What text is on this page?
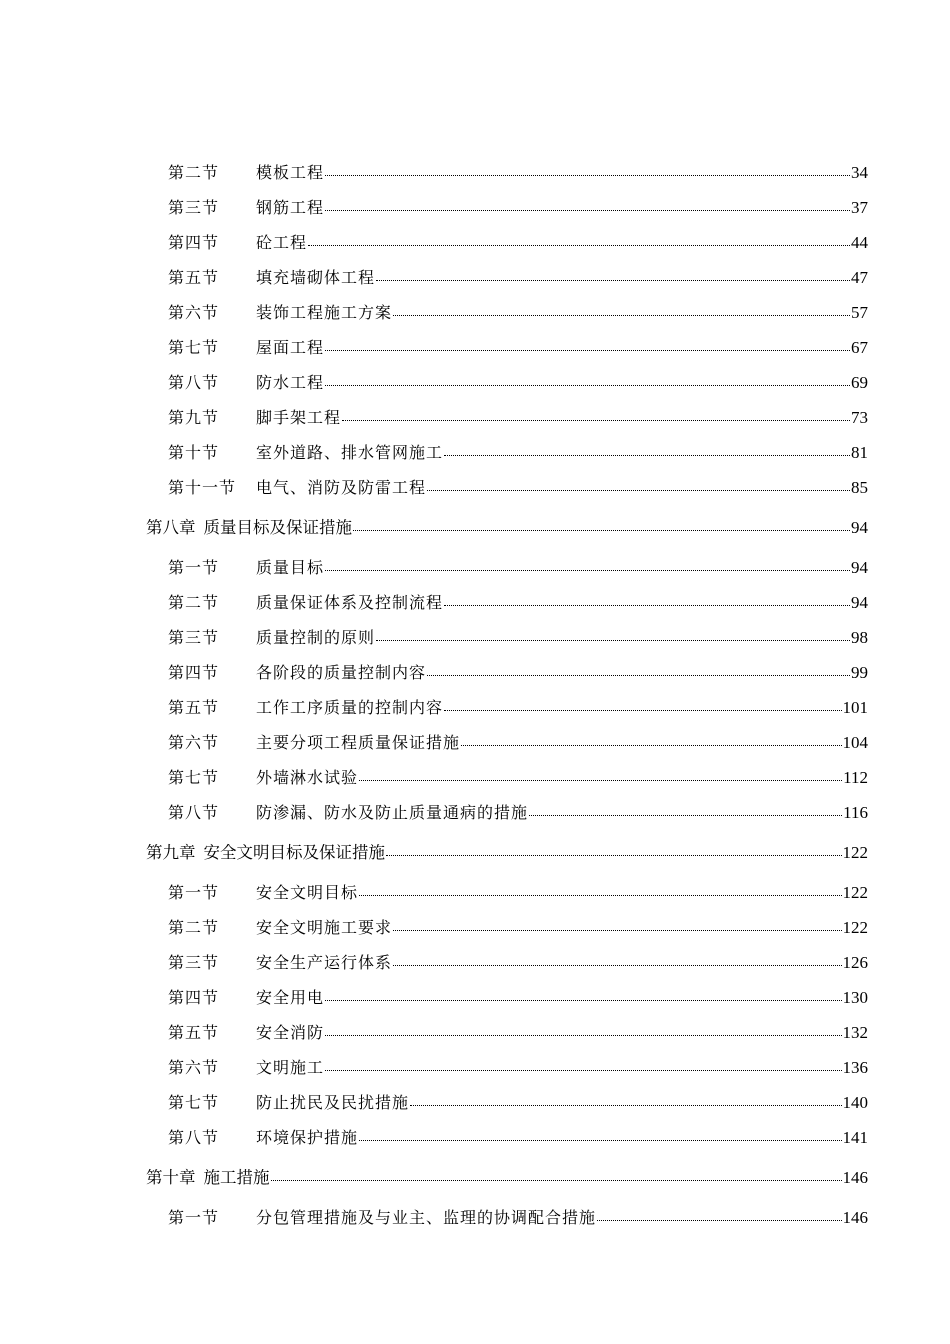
第二节	模板工程	34
第三节	钢筋工程	37
第四节	砼工程	44
第五节	填充墙砌体工程	47
第六节	装饰工程施工方案	57
第七节	屋面工程	67
第八节	防水工程	69
第九节	脚手架工程	73
第十节	室外道路、排水管网施工	81
第十一节	电气、消防及防雷工程	85
第八章 质量目标及保证措施	94
第一节	质量目标	94
第二节	质量保证体系及控制流程	94
第三节	质量控制的原则	98
第四节	各阶段的质量控制内容	99
第五节	工作工序质量的控制内容	101
第六节	主要分项工程质量保证措施	104
第七节	外墙淋水试验	112
第八节	防渗漏、防水及防止质量通病的措施	116
第九章 安全文明目标及保证措施	122
第一节	安全文明目标	122
第二节	安全文明施工要求	122
第三节	安全生产运行体系	126
第四节	安全用电	130
第五节	安全消防	132
第六节	文明施工	136
第七节	防止扰民及民扰措施	140
第八节	环境保护措施	141
第十章 施工措施	146
第一节	分包管理措施及与业主、监理的协调配合措施	146
